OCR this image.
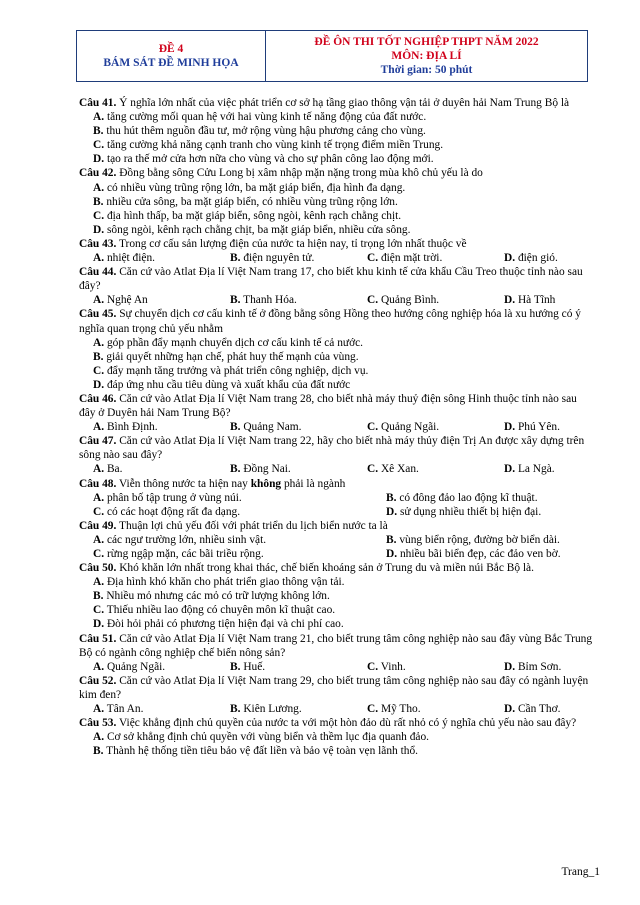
ĐỀ 4
BÁM SÁT ĐỀ MINH HỌA
ĐỀ ÔN THI TỐT NGHIỆP THPT NĂM 2022
MÔN: ĐỊA LÍ
Thời gian: 50 phút

Câu 41. Ý nghĩa lớn nhất của việc phát triển cơ sở hạ tầng giao thông vận tải ở duyên hải Nam Trung Bộ là

A. tăng cường mối quan hệ với hai vùng kinh tế năng động của đất nước.
B. thu hút thêm nguồn đầu tư, mở rộng vùng hậu phương cảng cho vùng.
C. tăng cường khả năng cạnh tranh cho vùng kinh tế trọng điểm miền Trung.
D. tạo ra thế mở cửa hơn nữa cho vùng và cho sự phân công lao động mới.

Câu 42. Đồng bằng sông Cửu Long bị xâm nhập mặn nặng trong mùa khô chủ yếu là do

A. có nhiều vùng trũng rộng lớn, ba mặt giáp biển, địa hình đa dạng.
B. nhiều cửa sông, ba mặt giáp biển, có nhiều vùng trũng rộng lớn.
C. địa hình thấp, ba mặt giáp biển, sông ngòi, kênh rạch chằng chịt.
D. sông ngòi, kênh rạch chằng chịt, ba mặt giáp biển, nhiều cửa sông.

Câu 43. Trong cơ cấu sản lượng điện của nước ta hiện nay, tỉ trọng lớn nhất thuộc về

A. nhiệt điện.	B. điện nguyên tử.	C. điện mặt trời.	D. điện gió.

Câu 44. Căn cứ vào Atlat Địa lí Việt Nam trang 17, cho biết khu kinh tế cửa khẩu Cầu Treo thuộc tỉnh nào sau đây?

A. Nghệ An	B. Thanh Hóa.	C. Quảng Bình.	D. Hà Tĩnh

Câu 45. Sự chuyển dịch cơ cấu kinh tế ở đồng bằng sông Hồng theo hướng công nghiệp hóa là xu hướng có ý nghĩa quan trọng chủ yếu nhằm

A. góp phần đẩy mạnh chuyển dịch cơ cấu kinh tế cả nước.
B. giải quyết những hạn chế, phát huy thế mạnh của vùng.
C. đẩy mạnh tăng trưởng và phát triển công nghiệp, dịch vụ.
D. đáp ứng nhu cầu tiêu dùng và xuất khẩu của đất nước

Câu 46. Căn cứ vào Atlat Địa lí Việt Nam trang 28, cho biết nhà máy thuỷ điện sông Hinh thuộc tỉnh nào sau đây ở Duyên hải Nam Trung Bộ?

A. Bình Định.	B. Quảng Nam.	C. Quảng Ngãi.	D. Phú Yên.

Câu 47. Căn cứ vào Atlat Địa lí Việt Nam trang 22, hãy cho biết nhà máy thủy điện Trị An được xây dựng trên sông nào sau đây?

A. Ba.	B. Đồng Nai.	C. Xê Xan.	D. La Ngà.

Câu 48. Viễn thông nước ta hiện nay không phải là ngành

A. phân bố tập trung ở vùng núi.	B. có đông đảo lao động kĩ thuật.
C. có các hoạt động rất đa dạng.	D. sử dụng nhiều thiết bị hiện đại.

Câu 49. Thuận lợi chủ yếu đối với phát triển du lịch biển nước ta là

A. các ngư trường lớn, nhiều sinh vật.	B. vùng biển rộng, đường bờ biển dài.
C. rừng ngập mặn, các bãi triều rộng.	D. nhiều bãi biển đẹp, các đảo ven bờ.

Câu 50. Khó khăn lớn nhất trong khai thác, chế biến khoáng sản ở Trung du và miền núi Bắc Bộ là.

A. Địa hình khó khăn cho phát triển giao thông vận tải.
B. Nhiều mỏ nhưng các mỏ có trữ lượng không lớn.
C. Thiếu nhiều lao động có chuyên môn kĩ thuật cao.
D. Đòi hỏi phải có phương tiện hiện đại và chi phí cao.

Câu 51. Căn cứ vào Atlat Địa lí Việt Nam trang 21, cho biết trung tâm công nghiệp nào sau đây vùng Bắc Trung Bộ có ngành công nghiệp chế biến nông sản?

A. Quảng Ngãi.	B. Huế.	C. Vinh.	D. Bỉm Sơn.

Câu 52. Căn cứ vào Atlat Địa lí Việt Nam trang 29, cho biết trung tâm công nghiệp nào sau đây có ngành luyện kim đen?

A. Tân An.	B. Kiên Lương.	C. Mỹ Tho.	D. Cần Thơ.

Câu 53. Việc khẳng định chủ quyền của nước ta với một hòn đảo dù rất nhỏ có ý nghĩa chủ yếu nào sau đây?

A. Cơ sở khẳng định chủ quyền với vùng biển và thềm lục địa quanh đảo.
B. Thành hệ thống tiền tiêu bảo vệ đất liền và bảo vệ toàn vẹn lãnh thổ.
Trang_1
